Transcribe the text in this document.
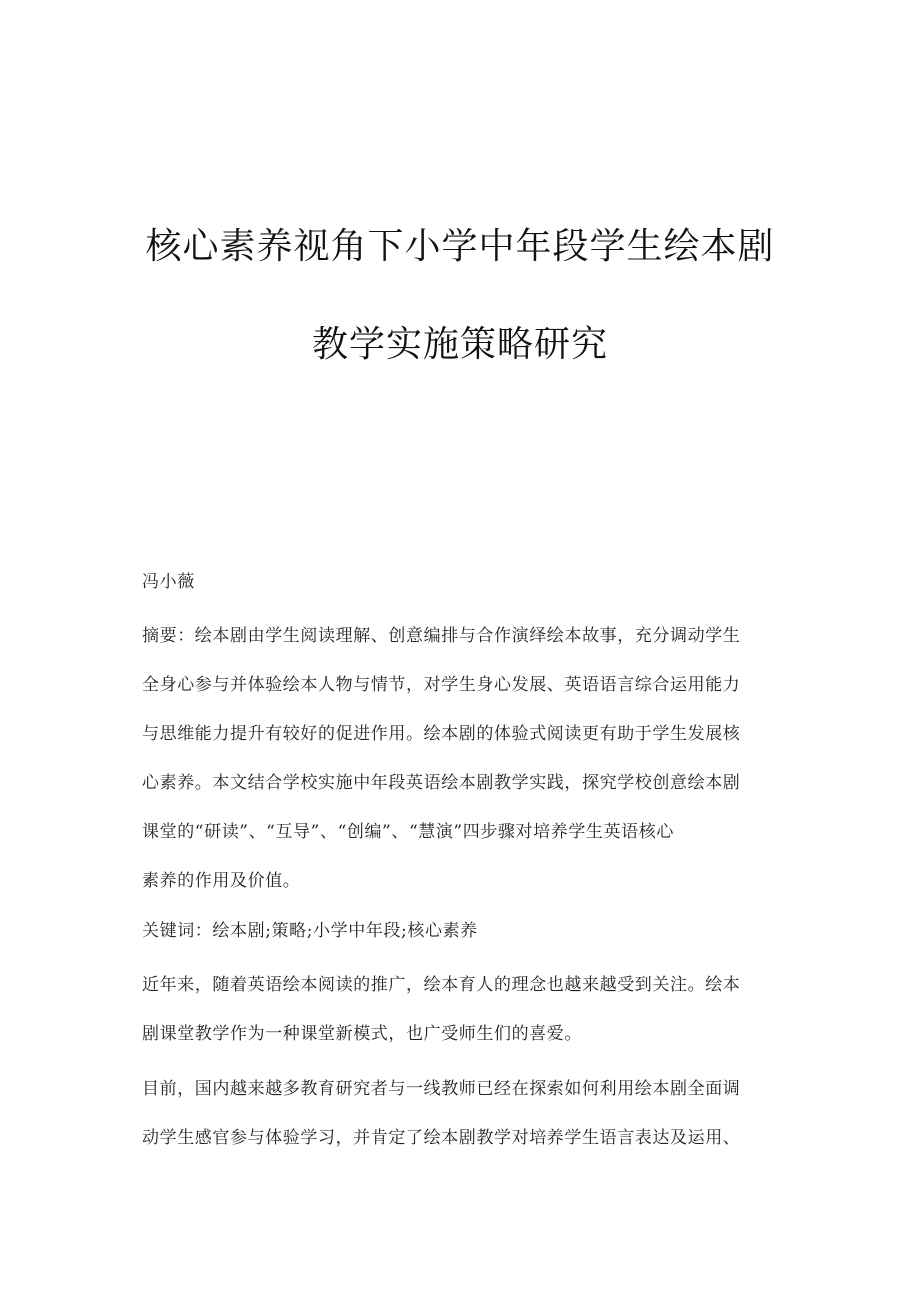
核心素养视角下小学中年段学生绘本剧
教学实施策略研究
冯小薇
摘要：绘本剧由学生阅读理解、创意编排与合作演绎绘本故事，充分调动学生
全身心参与并体验绘本人物与情节，对学生身心发展、英语语言综合运用能力
与思维能力提升有较好的促进作用。绘本剧的体验式阅读更有助于学生发展核
心素养。本文结合学校实施中年段英语绘本剧教学实践，探究学校创意绘本剧
课堂的“研读”、“互导”、“创编”、“慧演”四步骤对培养学生英语核心
素养的作用及价值。
关键词：绘本剧;策略;小学中年段;核心素养
近年来，随着英语绘本阅读的推广，绘本育人的理念也越来越受到关注。绘本
剧课堂教学作为一种课堂新模式，也广受师生们的喜爱。
目前，国内越来越多教育研究者与一线教师已经在探索如何利用绘本剧全面调
动学生感官参与体验学习，并肯定了绘本剧教学对培养学生语言表达及运用、
